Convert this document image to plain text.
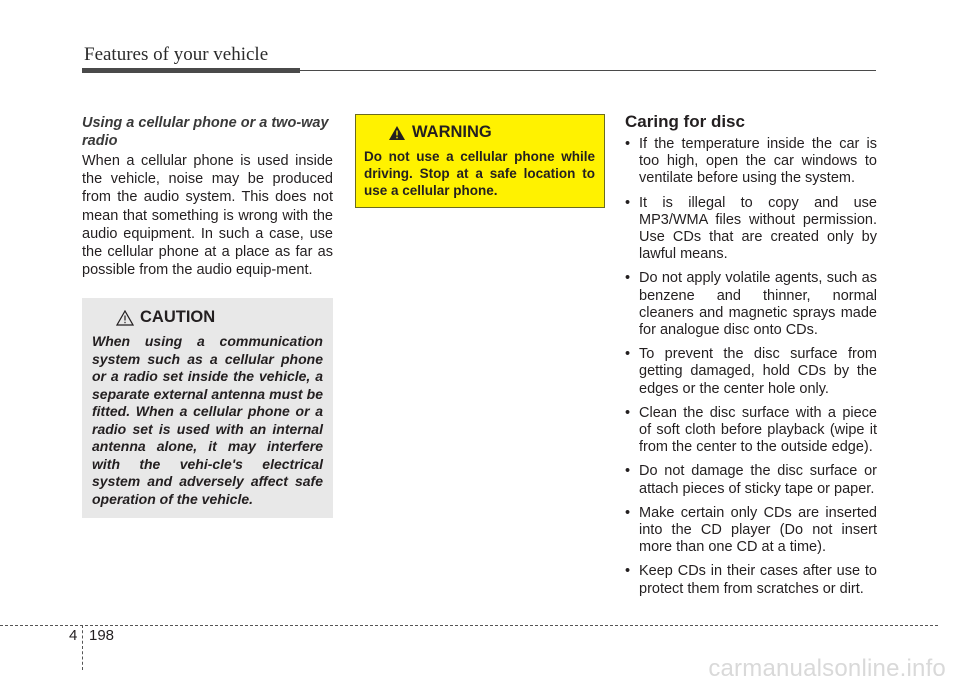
Features of your vehicle
Using a cellular phone or a two-way radio
When a cellular phone is used inside the vehicle, noise may be produced from the audio system. This does not mean that something is wrong with the audio equipment. In such a case, use the cellular phone at a place as far as possible from the audio equip-ment.
CAUTION
When using a communication system such as a cellular phone or a radio set inside the vehicle, a separate external antenna must be fitted. When a cellular phone or a radio set is used with an internal antenna alone, it may interfere with the vehi-cle's electrical system and adversely affect safe operation of the vehicle.
WARNING
Do not use a cellular phone while driving. Stop at a safe location to use a cellular phone.
Caring for disc
• If the temperature inside the car is too high, open the car windows to ventilate before using the system.
• It is illegal to copy and use MP3/WMA files without permission. Use CDs that are created only by lawful means.
• Do not apply volatile agents, such as benzene and thinner, normal cleaners and magnetic sprays made for analogue disc onto CDs.
• To prevent the disc surface from getting damaged, hold CDs by the edges or the center hole only.
• Clean the disc surface with a piece of soft cloth before playback (wipe it from the center to the outside edge).
• Do not damage the disc surface or attach pieces of sticky tape or paper.
• Make certain only CDs are inserted into the CD player (Do not insert more than one CD at a time).
• Keep CDs in their cases after use to protect them from scratches or dirt.
4 198
carmanualsonline.info
